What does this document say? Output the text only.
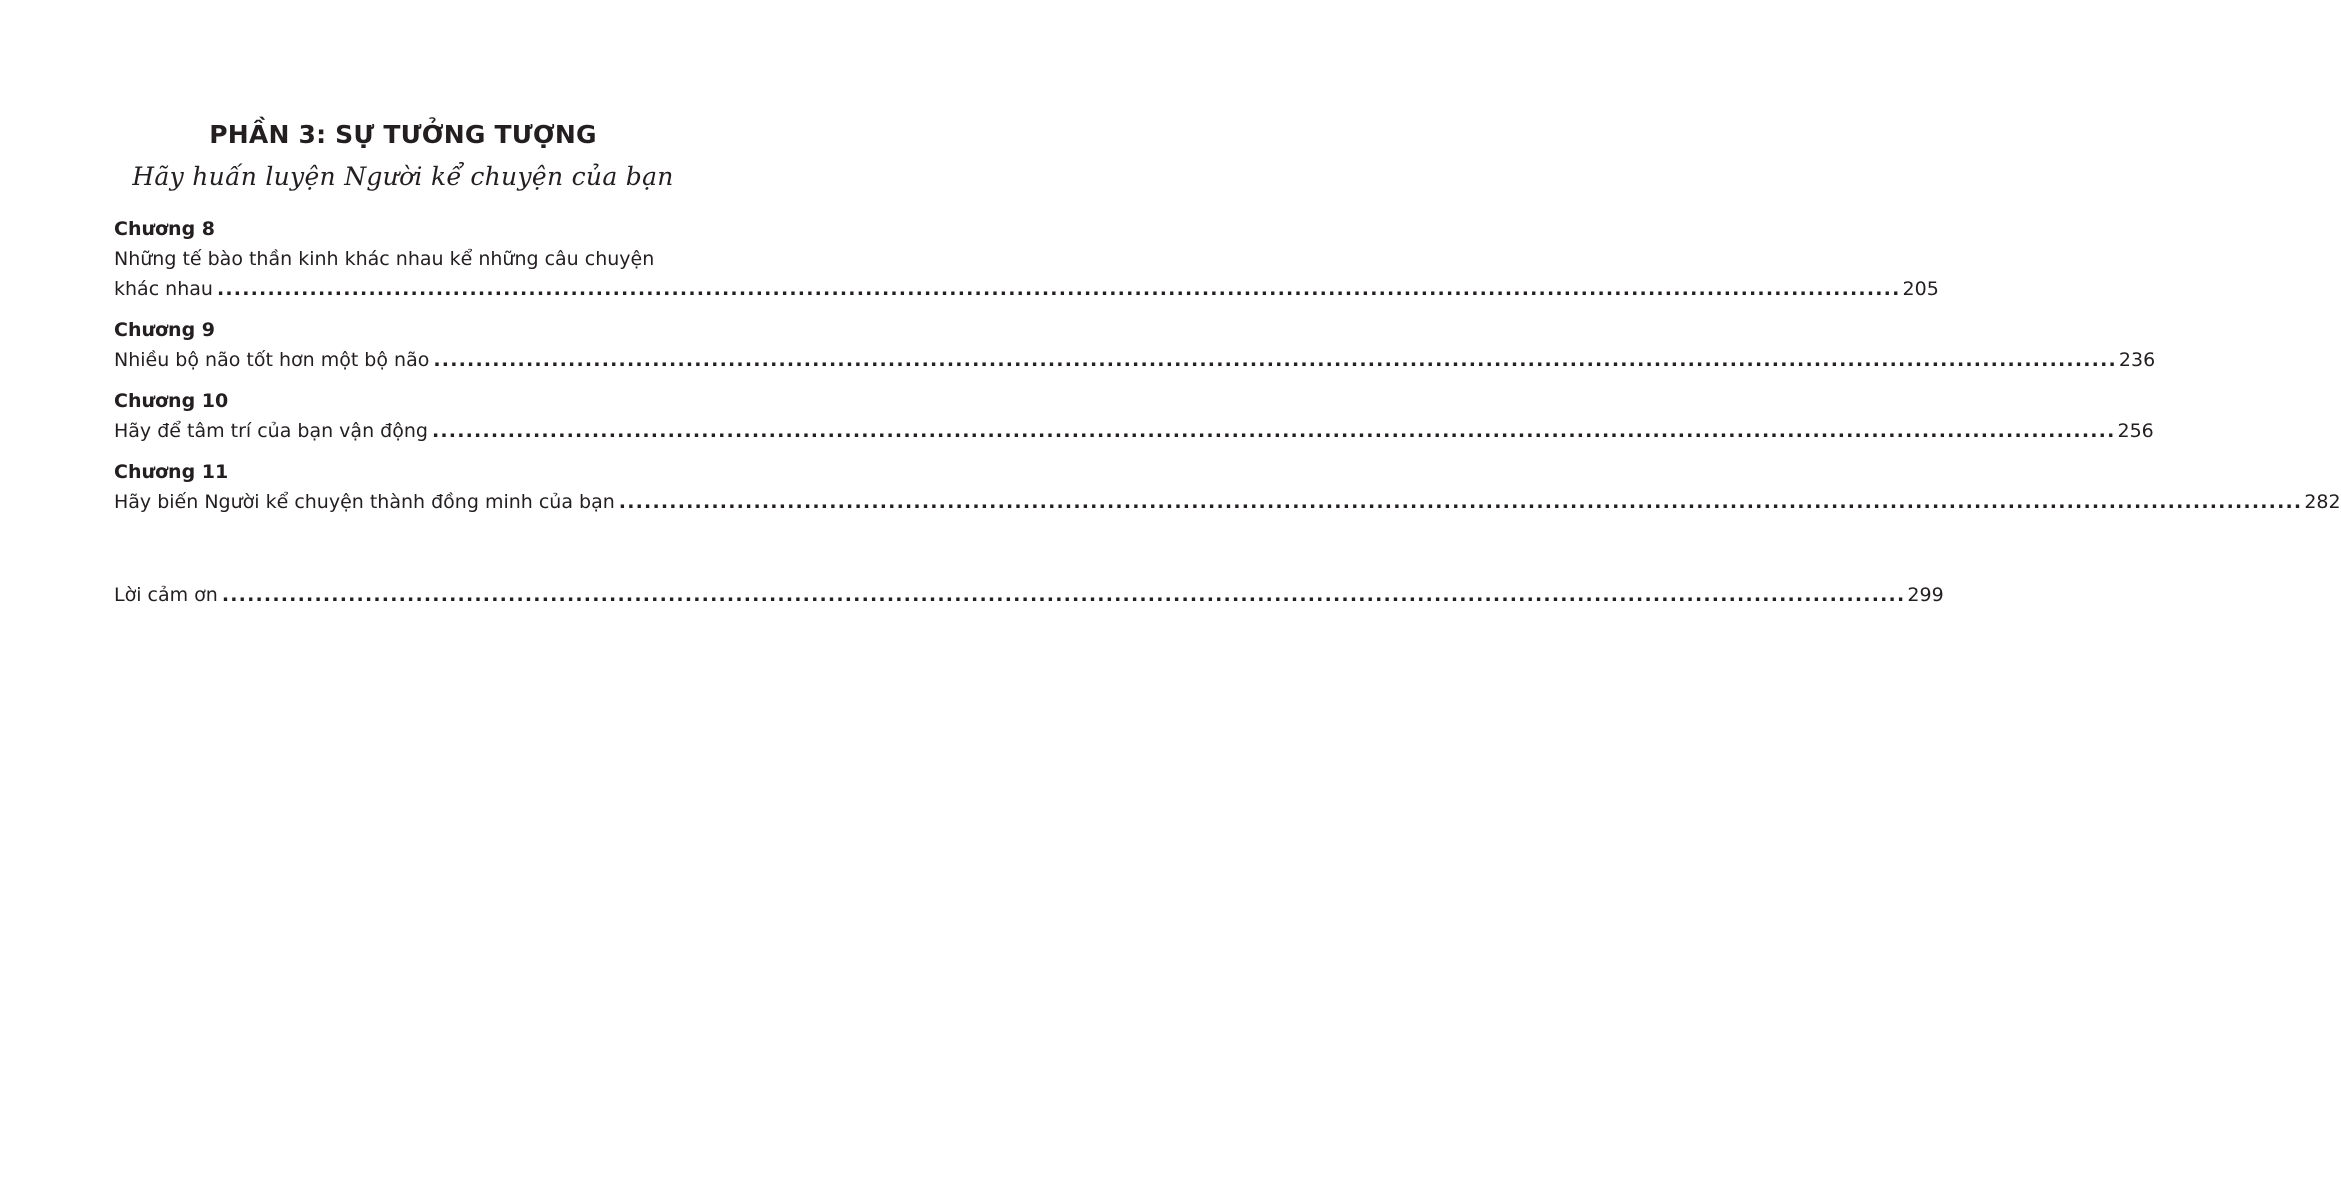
PHẦN 3: SỰ TƯỞNG TƯỢNG
Hãy huấn luyện Người kể chuyện của bạn
Chương 8
Những tế bào thần kinh khác nhau kể những câu chuyện
khác nhau ........................................................................................................................................................................................................ 205
Chương 9
Nhiều bộ não tốt hơn một bộ não ........................................................................................................................................................................................................ 236
Chương 10
Hãy để tâm trí của bạn vận động ........................................................................................................................................................................................................ 256
Chương 11
Hãy biến Người kể chuyện thành đồng minh của bạn ........................................................................................................................................................................................................ 282
Lời cảm ơn ........................................................................................................................................................................................................ 299
